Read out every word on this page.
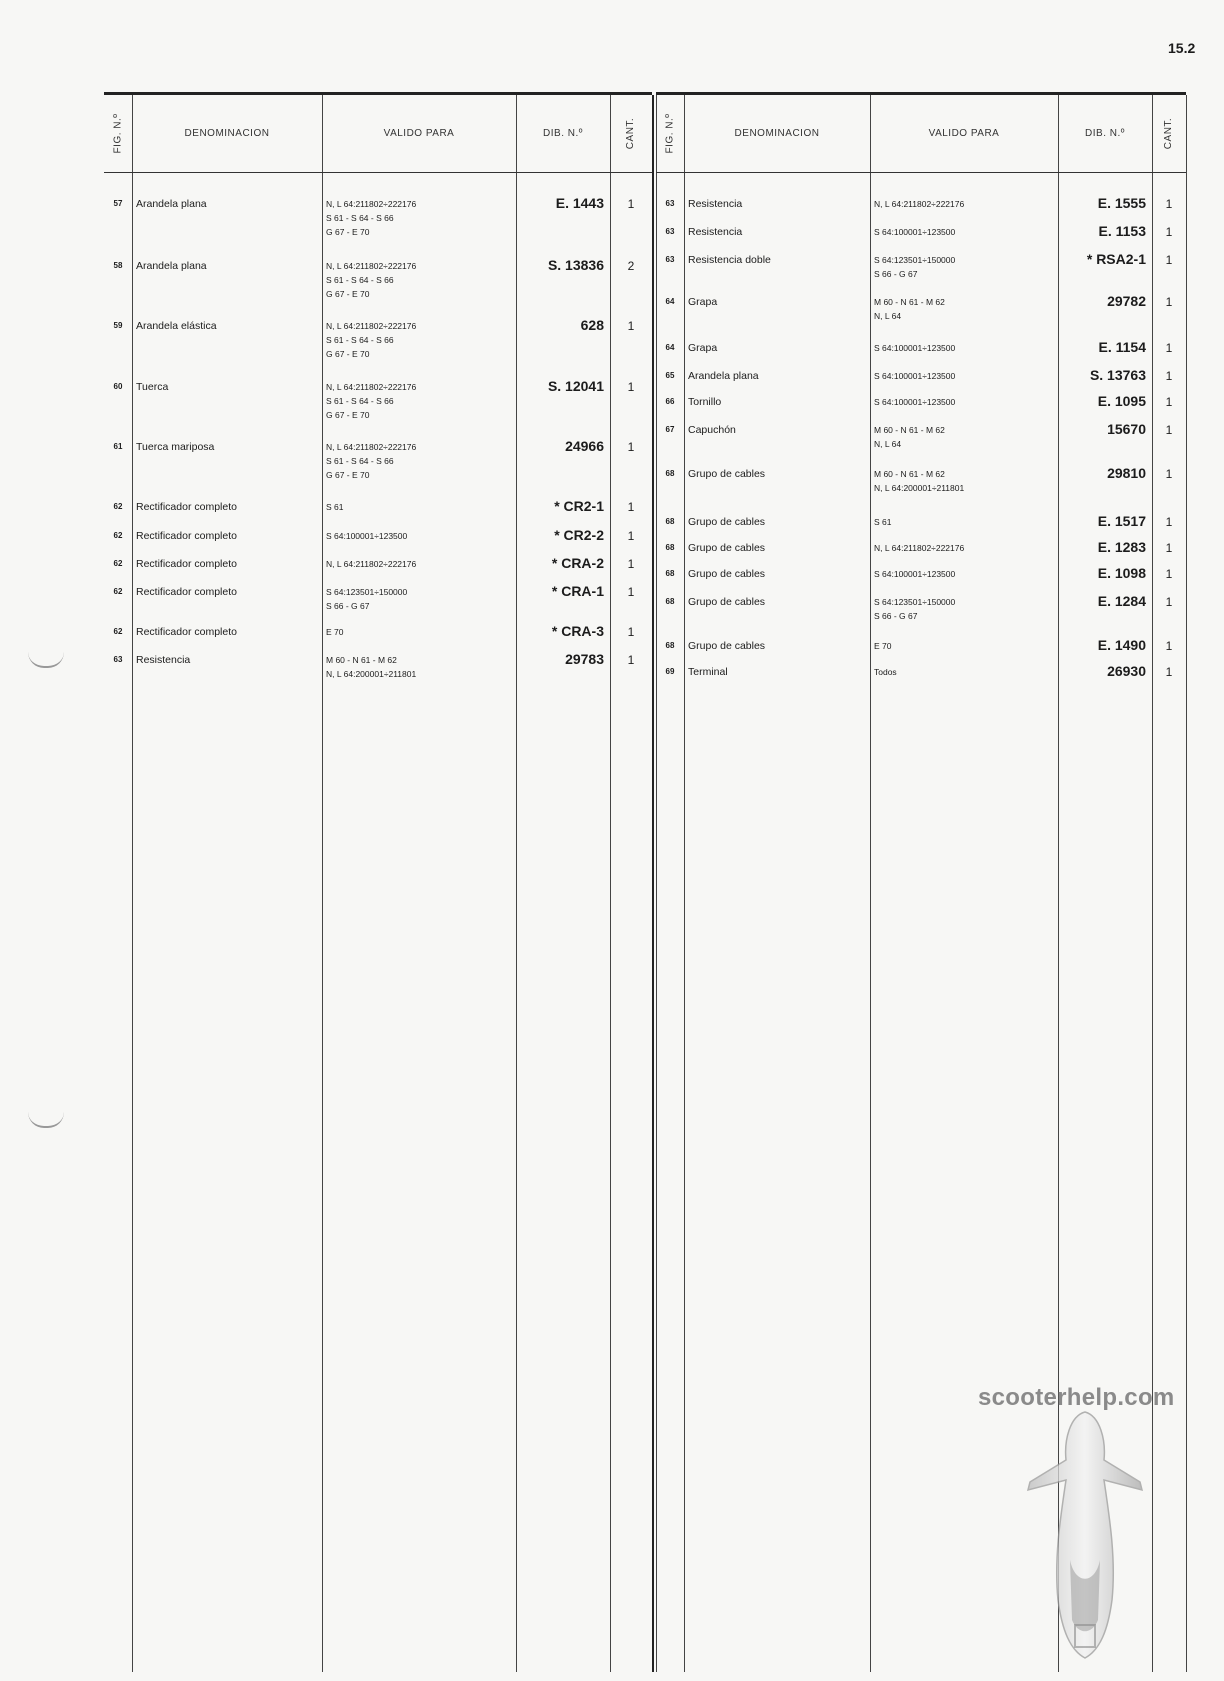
15.2
FIG. N.º	DENOMINACION	VALIDO PARA	DIB. N.º	CANT.
57	Arandela plana	N, L 64:211802÷222176
S 61 - S 64 - S 66
G 67 - E 70
E. 1443	1
58	Arandela plana	N, L 64:211802÷222176
S 61 - S 64 - S 66
G 67 - E 70
S. 13836	2
59	Arandela elástica	N, L 64:211802÷222176
S 61 - S 64 - S 66
G 67 - E 70
628	1
60	Tuerca	N, L 64:211802÷222176
S 61 - S 64 - S 66
G 67 - E 70
S. 12041	1
61	Tuerca mariposa	N, L 64:211802÷222176
S 61 - S 64 - S 66
G 67 - E 70
24966	1
62	Rectificador completo	S 61	* CR2-1	1
62	Rectificador completo	S 64:100001÷123500	* CR2-2	1
62	Rectificador completo	N, L 64:211802÷222176	* CRA-2	1
62	Rectificador completo	S 64:123501÷150000
S 66 - G 67
* CRA-1	1
62	Rectificador completo	E 70	* CRA-3	1
63	Resistencia	M 60 - N 61 - M 62
N, L 64:200001÷211801
29783	1
FIG. N.º	DENOMINACION	VALIDO PARA	DIB. N.º	CANT.
63	Resistencia	N, L 64:211802÷222176	E. 1555	1
63	Resistencia	S 64:100001÷123500	E. 1153	1
63	Resistencia doble	S 64:123501÷150000
S 66 - G 67
* RSA2-1	1
64	Grapa	M 60 - N 61 - M 62
N, L 64
29782	1
64	Grapa	S 64:100001÷123500	E. 1154	1
65	Arandela plana	S 64:100001÷123500	S. 13763	1
66	Tornillo	S 64:100001÷123500	E. 1095	1
67	Capuchón	M 60 - N 61 - M 62
N, L 64
15670	1
68	Grupo de cables	M 60 - N 61 - M 62
N, L 64:200001÷211801
29810	1
68	Grupo de cables	S 61	E. 1517	1
68	Grupo de cables	N, L 64:211802÷222176	E. 1283	1
68	Grupo de cables	S 64:100001÷123500	E. 1098	1
68	Grupo de cables	S 64:123501÷150000
S 66 - G 67
E. 1284	1
68	Grupo de cables	E 70	E. 1490	1
69	Terminal	Todos	26930	1
scooterhelp.com
